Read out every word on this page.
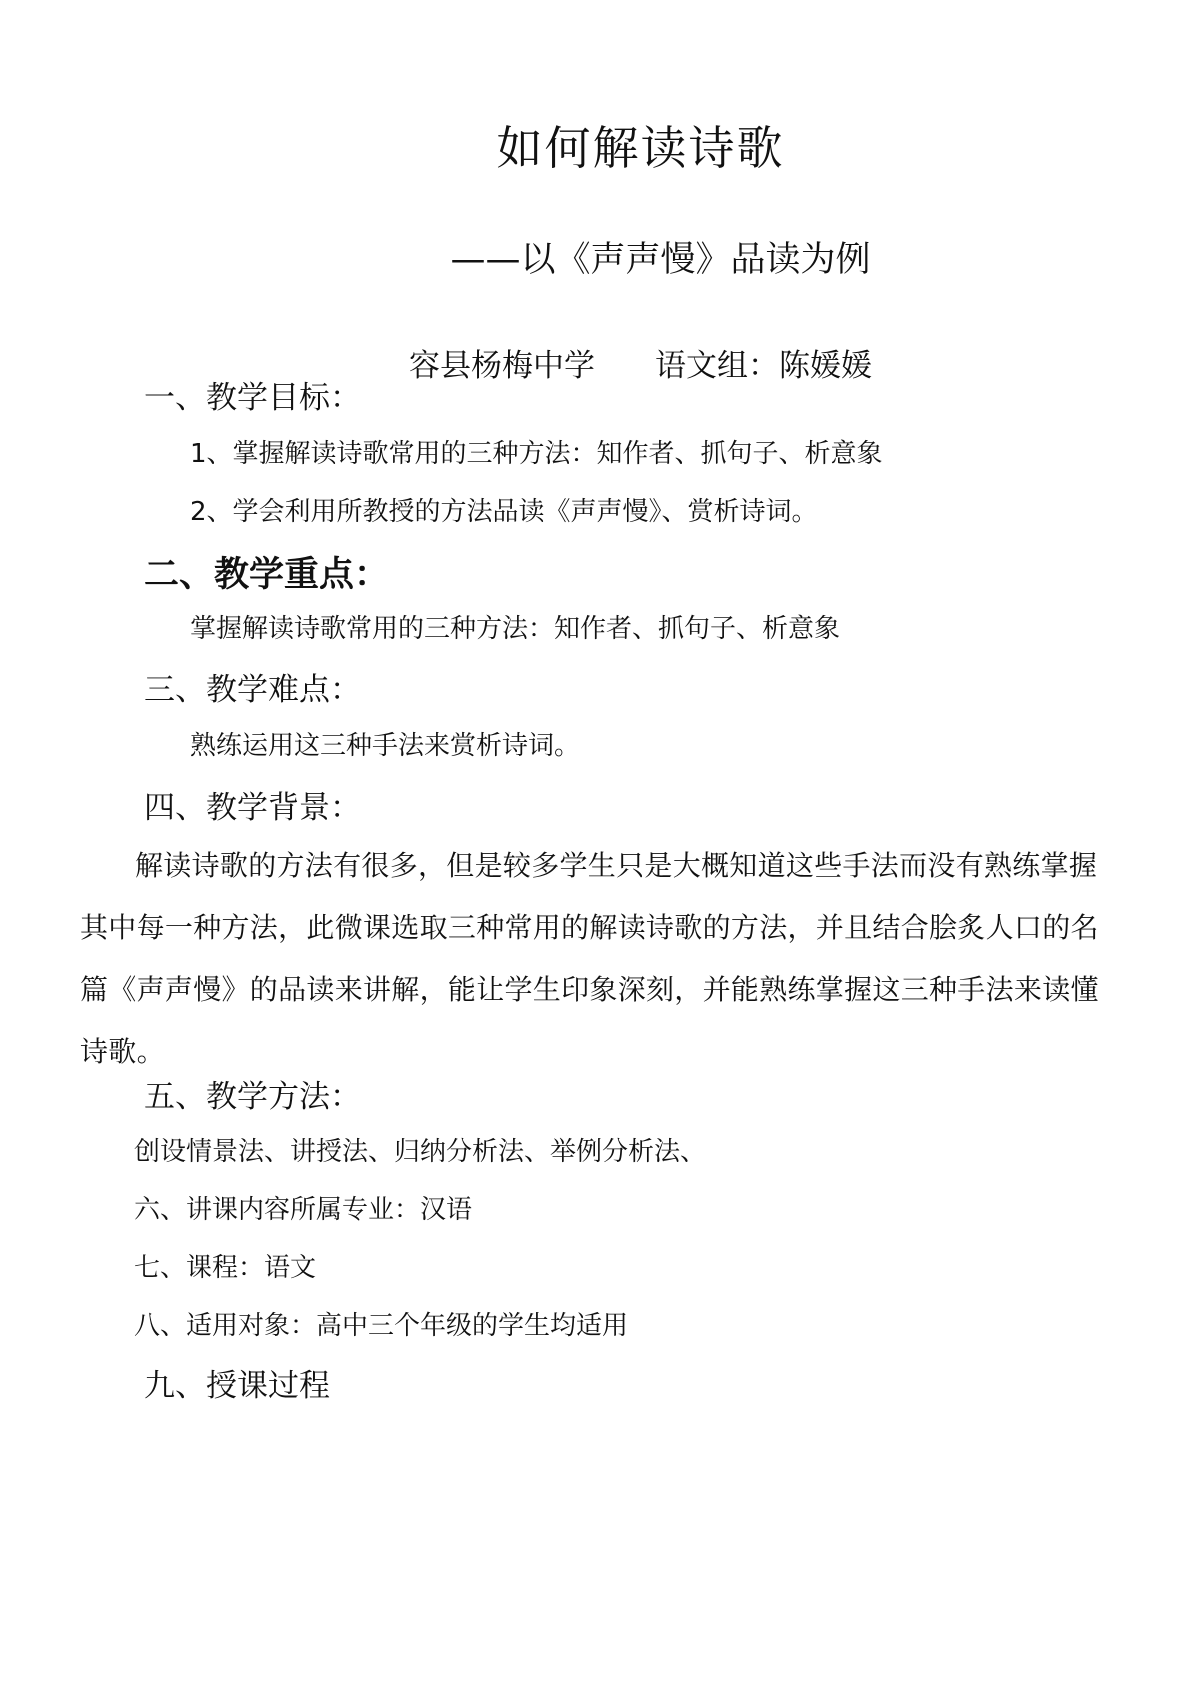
如何解读诗歌
——以《声声慢》品读为例
容县杨梅中学 语文组：陈媛媛
一、教学目标：
1、掌握解读诗歌常用的三种方法：知作者、抓句子、析意象
2、学会利用所教授的方法品读《声声慢》、赏析诗词。
二、教学重点：
掌握解读诗歌常用的三种方法：知作者、抓句子、析意象
三、教学难点：
熟练运用这三种手法来赏析诗词。
四、教学背景：
解读诗歌的方法有很多，但是较多学生只是大概知道这些手法而没有熟练掌握其中每一种方法，此微课选取三种常用的解读诗歌的方法，并且结合脍炙人口的名篇《声声慢》的品读来讲解，能让学生印象深刻，并能熟练掌握这三种手法来读懂诗歌。
五、教学方法：
创设情景法、讲授法、归纳分析法、举例分析法、
六、讲课内容所属专业：汉语
七、课程：语文
八、适用对象：高中三个年级的学生均适用
九、授课过程
